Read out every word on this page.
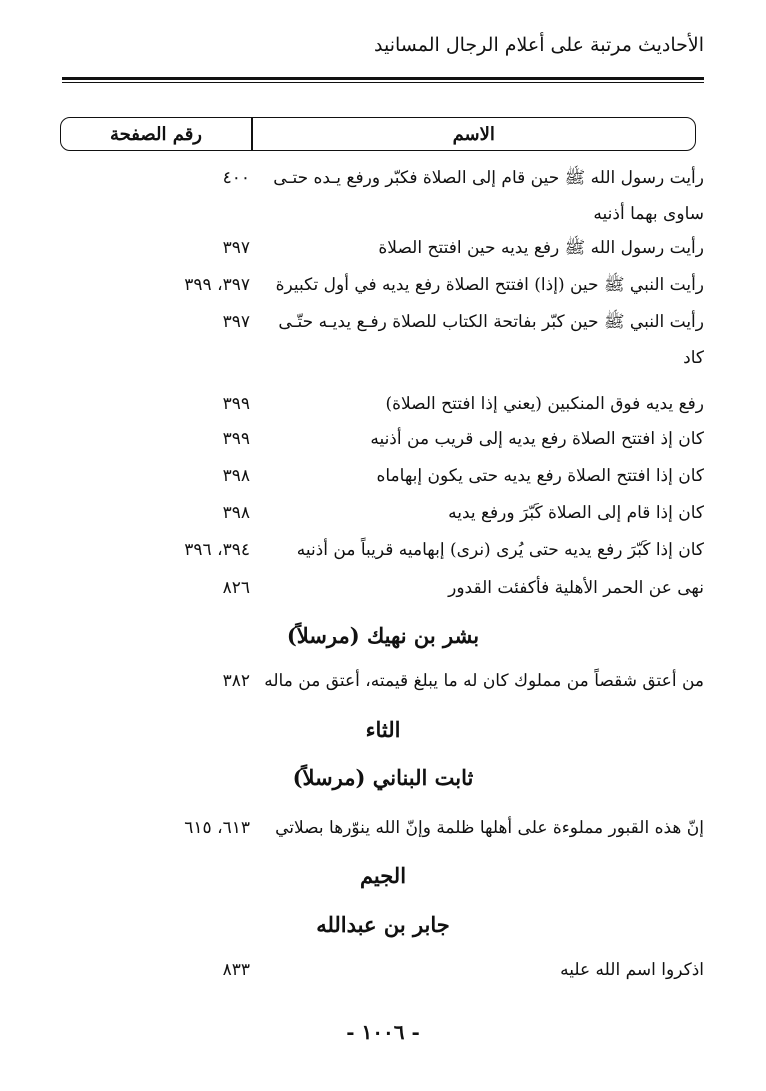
الأحاديث مرتبة على أعلام الرجال المسانيد
الاسم
رقم الصفحة
رأيت رسول الله ﷺ حين قام إلى الصلاة فكبّر ورفع يـده حتـى
٤٠٠
ساوى بهما أذنيه
رأيت رسول الله ﷺ رفع يديه حين افتتح الصلاة
٣٩٧
رأيت النبي ﷺ حين (إذا) افتتح الصلاة رفع يديه في أول تكبيرة
٣٩٧، ٣٩٩
رأيت النبي ﷺ حين كبّر بفاتحة الكتاب للصلاة رفـع يديـه حتّـى
٣٩٧
كاد
رفع يديه فوق المنكبين (يعني إذا افتتح الصلاة)
٣٩٩
كان إذ افتتح الصلاة رفع يديه إلى قريب من أذنيه
٣٩٩
كان إذا افتتح الصلاة رفع يديه حتى يكون إبهاماه
٣٩٨
كان إذا قام إلى الصلاة كَبّرَ ورفع يديه
٣٩٨
كان إذا كَبّرَ رفع يديه حتى يُرى (نرى) إبهاميه قريباً من أذنيه
٣٩٤، ٣٩٦
نهى عن الحمر الأهلية فأكفئت القدور
٨٢٦
بشر بن نهيك (مرسلاً)
من أعتق شقصاً من مملوك كان له ما يبلغ قيمته، أعتق من ماله
٣٨٢
الثاء
ثابت البناني (مرسلاً)
إنّ هذه القبور مملوءة على أهلها ظلمة وإنّ الله ينوّرها بصلاتي
٦١٣، ٦١٥
الجيم
جابر بن عبدالله
اذكروا اسم الله عليه
٨٣٣
- ١٠٠٦ -
